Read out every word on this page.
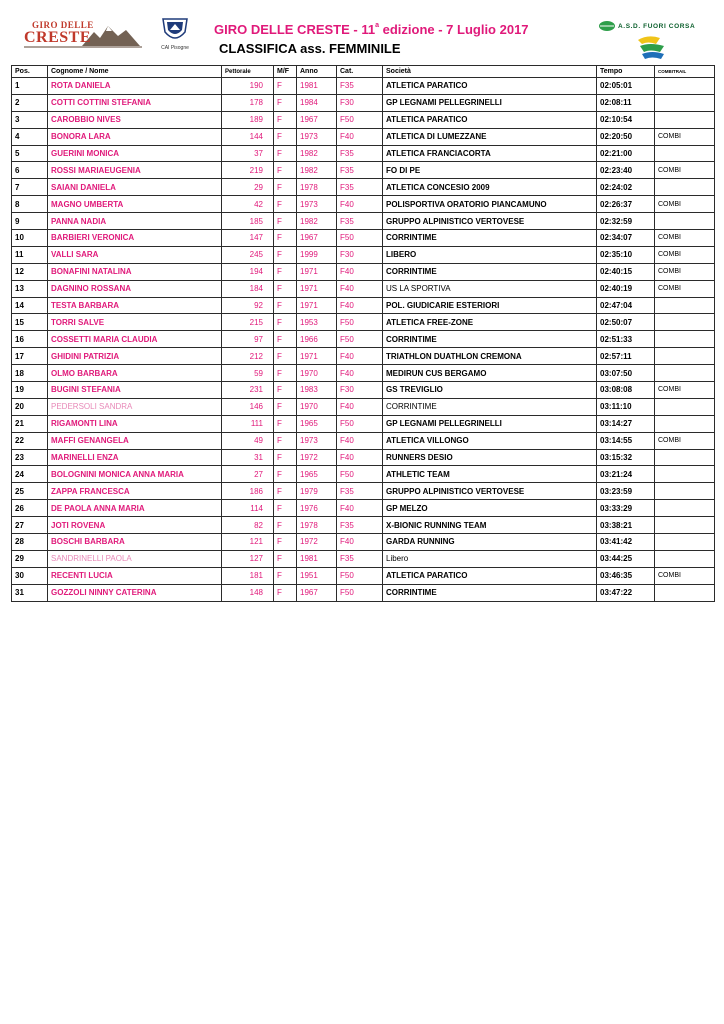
GIRO DELLE
CRESTE
CAI Pisogne
GIRO DELLE CRESTE - 11$^a$ edizione - 7 Luglio 2017
CLASSIFICA ass. FEMMINILE
A.S.D. FUORI CORSA
Pos.	Cognome / Nome	Pettorale	M/F	Anno	Cat.	Società	Tempo	COMBITRAIL
1	ROTA DANIELA	190	F	1981	F35	ATLETICA PARATICO	02:05:01	
2	COTTI COTTINI STEFANIA	178	F	1984	F30	GP LEGNAMI PELLEGRINELLI	02:08:11	
3	CAROBBIO NIVES	189	F	1967	F50	ATLETICA PARATICO	02:10:54	
4	BONORA LARA	144	F	1973	F40	ATLETICA DI LUMEZZANE	02:20:50	COMBI
5	GUERINI MONICA	37	F	1982	F35	ATLETICA FRANCIACORTA	02:21:00	
6	ROSSI MARIAEUGENIA	219	F	1982	F35	FO DI PE	02:23:40	COMBI
7	SAIANI DANIELA	29	F	1978	F35	ATLETICA CONCESIO 2009	02:24:02	
8	MAGNO UMBERTA	42	F	1973	F40	POLISPORTIVA ORATORIO PIANCAMUNO	02:26:37	COMBI
9	PANNA NADIA	185	F	1982	F35	GRUPPO ALPINISTICO VERTOVESE	02:32:59	
10	BARBIERI VERONICA	147	F	1967	F50	CORRINTIME	02:34:07	COMBI
11	VALLI SARA	245	F	1999	F30	LIBERO	02:35:10	COMBI
12	BONAFINI NATALINA	194	F	1971	F40	CORRINTIME	02:40:15	COMBI
13	DAGNINO ROSSANA	184	F	1971	F40	US LA SPORTIVA	02:40:19	COMBI
14	TESTA BARBARA	92	F	1971	F40	POL. GIUDICARIE ESTERIORI	02:47:04	
15	TORRI SALVE	215	F	1953	F50	ATLETICA FREE-ZONE	02:50:07	
16	COSSETTI MARIA CLAUDIA	97	F	1966	F50	CORRINTIME	02:51:33	
17	GHIDINI PATRIZIA	212	F	1971	F40	TRIATHLON DUATHLON CREMONA	02:57:11	
18	OLMO BARBARA	59	F	1970	F40	MEDIRUN CUS BERGAMO	03:07:50	
19	BUGINI STEFANIA	231	F	1983	F30	GS TREVIGLIO	03:08:08	COMBI
20	PEDERSOLI SANDRA	146	F	1970	F40	CORRINTIME	03:11:10	
21	RIGAMONTI LINA	111	F	1965	F50	GP LEGNAMI PELLEGRINELLI	03:14:27	
22	MAFFI GENANGELA	49	F	1973	F40	ATLETICA VILLONGO	03:14:55	COMBI
23	MARINELLI ENZA	31	F	1972	F40	RUNNERS DESIO	03:15:32	
24	BOLOGNINI MONICA ANNA MARIA	27	F	1965	F50	ATHLETIC TEAM	03:21:24	
25	ZAPPA FRANCESCA	186	F	1979	F35	GRUPPO ALPINISTICO VERTOVESE	03:23:59	
26	DE PAOLA ANNA MARIA	114	F	1976	F40	GP MELZO	03:33:29	
27	JOTI ROVENA	82	F	1978	F35	X-BIONIC RUNNING TEAM	03:38:21	
28	BOSCHI BARBARA	121	F	1972	F40	GARDA RUNNING	03:41:42	
29	SANDRINELLI PAOLA	127	F	1981	F35	Libero	03:44:25	
30	RECENTI LUCIA	181	F	1951	F50	ATLETICA PARATICO	03:46:35	COMBI
31	GOZZOLI NINNY CATERINA	148	F	1967	F50	CORRINTIME	03:47:22	
